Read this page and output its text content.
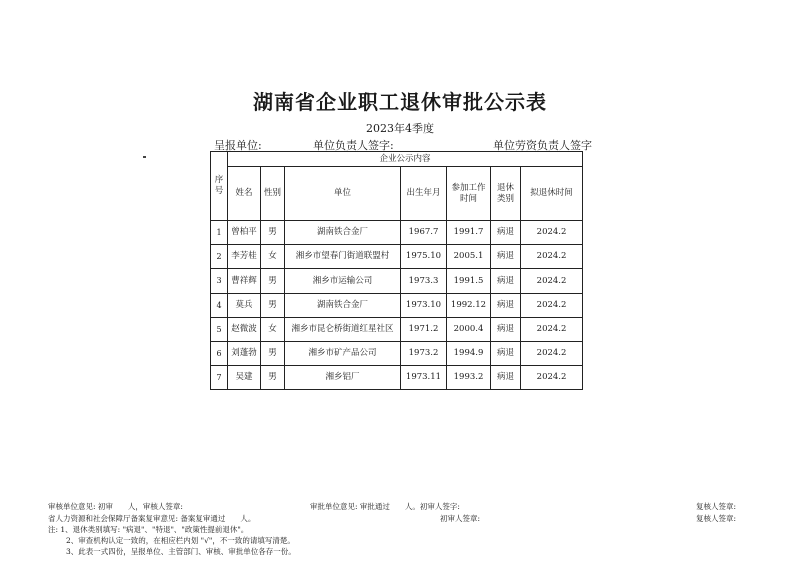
湖南省企业职工退休审批公示表
2023年4季度
呈报单位:	单位负责人签字:	单位劳资负责人签字
序号	企业公示内容						
	姓名	性别	单位	出生年月	参加工作时间	退休类别	拟退休时间
1	曾柏平	男	湖南铁合金厂	1967.7	1991.7	病退	2024.2
2	李芳桂	女	湘乡市望春门街道联盟村	1975.10	2005.1	病退	2024.2
3	曹祥辉	男	湘乡市运输公司	1973.3	1991.5	病退	2024.2
4	莫兵	男	湖南铁合金厂	1973.10	1992.12	病退	2024.2
5	赵微波	女	湘乡市昆仑桥街道红星社区	1971.2	2000.4	病退	2024.2
6	刘蓬勃	男	湘乡市矿产品公司	1973.2	1994.9	病退	2024.2
7	吴建	男	湘乡铝厂	1973.11	1993.2	病退	2024.2
审核单位意见: 初审　　人，审核人签章:	审批单位意见: 审批通过　　人。初审人签字:	复核人签章:
省人力资源和社会保障厅备案复审意见: 备案复审通过　　人。	初审人签章:	复核人签章:
注: 1、退休类别填写: "病退"、"特退"、"政策性提前退休"。
2、审查机构认定一致的，在相应栏内划 "√"，不一致的请填写清楚。
3、此表一式四份，呈报单位、主管部门、审核、审批单位各存一份。
